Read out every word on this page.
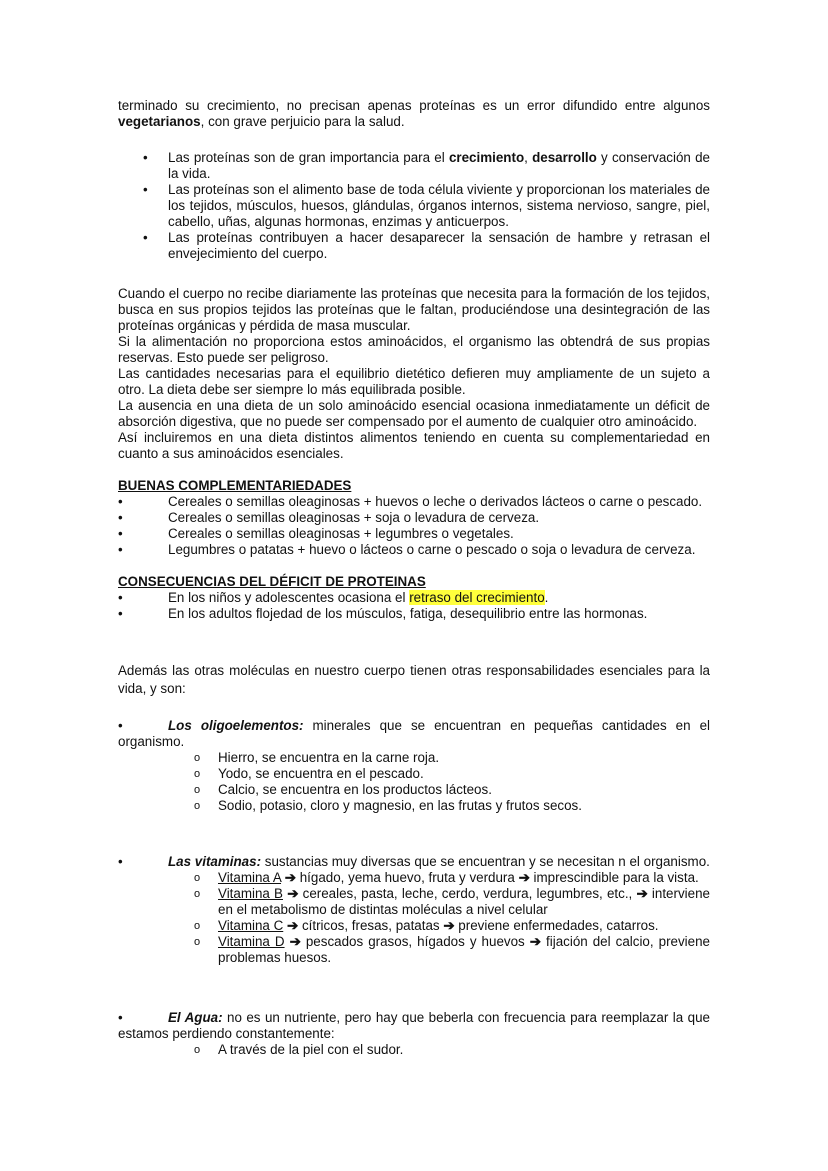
terminado su crecimiento, no precisan apenas proteínas es un error difundido entre algunos vegetarianos, con grave perjuicio para la salud.

• Las proteínas son de gran importancia para el crecimiento, desarrollo y conservación de la vida.
• Las proteínas son el alimento base de toda célula viviente y proporcionan los materiales de los tejidos, músculos, huesos, glándulas, órganos internos, sistema nervioso, sangre, piel, cabello, uñas, algunas hormonas, enzimas y anticuerpos.
• Las proteínas contribuyen a hacer desaparecer la sensación de hambre y retrasan el envejecimiento del cuerpo.

Cuando el cuerpo no recibe diariamente las proteínas que necesita para la formación de los tejidos, busca en sus propios tejidos las proteínas que le faltan, produciéndose una desintegración de las proteínas orgánicas y pérdida de masa muscular.

Si la alimentación no proporciona estos aminoácidos, el organismo las obtendrá de sus propias reservas. Esto puede ser peligroso.

Las cantidades necesarias para el equilibrio dietético defieren muy ampliamente de un sujeto a otro. La dieta debe ser siempre lo más equilibrada posible.

La ausencia en una dieta de un solo aminoácido esencial ocasiona inmediatamente un déficit de absorción digestiva, que no puede ser compensado por el aumento de cualquier otro aminoácido.

Así incluiremos en una dieta distintos alimentos teniendo en cuenta su complementariedad en cuanto a sus aminoácidos esenciales.

BUENAS COMPLEMENTARIEDADES

•	Cereales o semillas oleaginosas + huevos o leche o derivados lácteos o carne o pescado.
•	Cereales o semillas oleaginosas + soja o levadura de cerveza.
•	Cereales o semillas oleaginosas + legumbres o vegetales.
•	Legumbres o patatas + huevo o lácteos o carne o pescado o soja o levadura de cerveza.

CONSECUENCIAS DEL DÉFICIT DE PROTEINAS

•	En los niños y adolescentes ocasiona el retraso del crecimiento.
•	En los adultos flojedad de los músculos, fatiga, desequilibrio entre las hormonas.

Además las otras moléculas en nuestro cuerpo tienen otras responsabilidades esenciales para la vida, y son:

•	Los oligoelementos: minerales que se encuentran en pequeñas cantidades en el organismo.

o Hierro, se encuentra en la carne roja.
o Yodo, se encuentra en el pescado.
o Calcio, se encuentra en los productos lácteos.
o Sodio, potasio, cloro y magnesio, en las frutas y frutos secos.

•	Las vitaminas: sustancias muy diversas que se encuentran y se necesitan n el organismo.

o Vitamina A ➔ hígado, yema huevo, fruta y verdura ➔ imprescindible para la vista.
o Vitamina B ➔ cereales, pasta, leche, cerdo, verdura, legumbres, etc., ➔ interviene en el metabolismo de distintas moléculas a nivel celular
o Vitamina C ➔ cítricos, fresas, patatas ➔ previene enfermedades, catarros.
o Vitamina D ➔ pescados grasos, hígados y huevos ➔ fijación del calcio, previene problemas huesos.

•	El Agua: no es un nutriente, pero hay que beberla con frecuencia para reemplazar la que estamos perdiendo constantemente:

o A través de la piel con el sudor.
